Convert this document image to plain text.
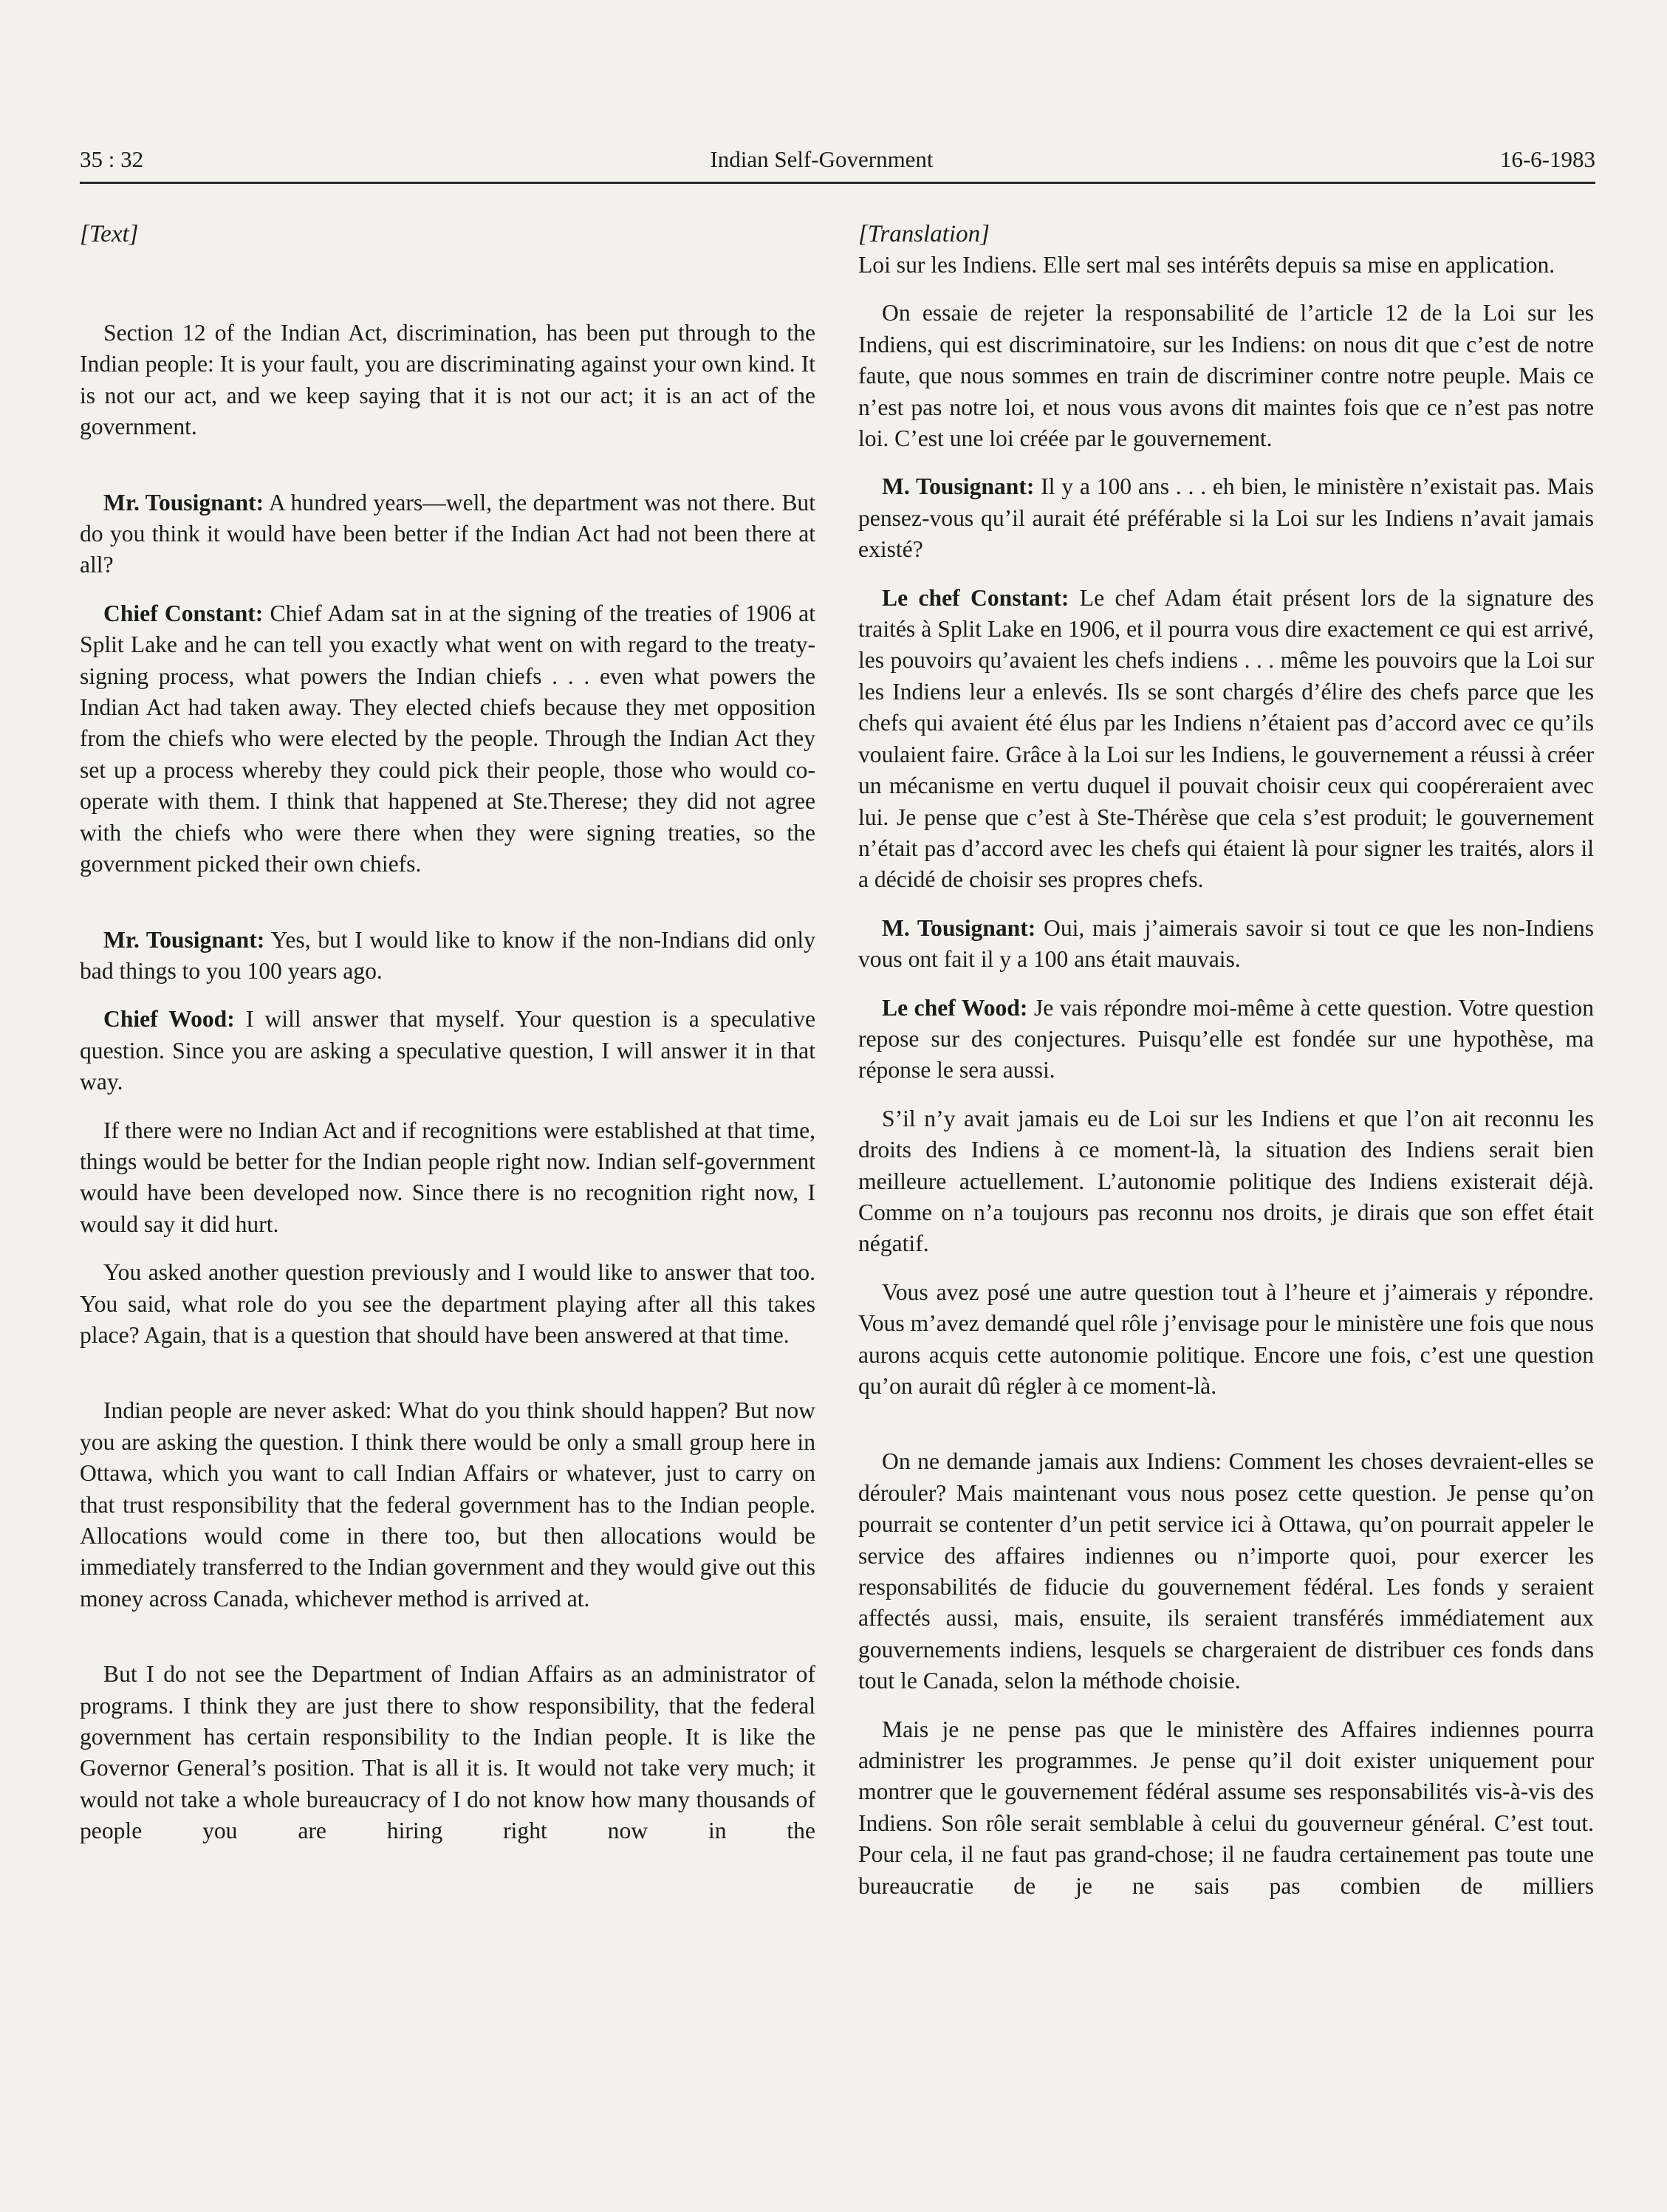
35 : 32	Indian Self-Government	16-6-1983
[Text]

Section 12 of the Indian Act, discrimination, has been put through to the Indian people: It is your fault, you are discriminating against your own kind. It is not our act, and we keep saying that it is not our act; it is an act of the government.

Mr. Tousignant: A hundred years—well, the department was not there. But do you think it would have been better if the Indian Act had not been there at all?

Chief Constant: Chief Adam sat in at the signing of the treaties of 1906 at Split Lake and he can tell you exactly what went on with regard to the treaty-signing process, what powers the Indian chiefs . . . even what powers the Indian Act had taken away. They elected chiefs because they met opposition from the chiefs who were elected by the people. Through the Indian Act they set up a process whereby they could pick their people, those who would co-operate with them. I think that happened at Ste.Therese; they did not agree with the chiefs who were there when they were signing treaties, so the government picked their own chiefs.

Mr. Tousignant: Yes, but I would like to know if the non-Indians did only bad things to you 100 years ago.

Chief Wood: I will answer that myself. Your question is a speculative question. Since you are asking a speculative question, I will answer it in that way.

If there were no Indian Act and if recognitions were established at that time, things would be better for the Indian people right now. Indian self-government would have been developed now. Since there is no recognition right now, I would say it did hurt.

You asked another question previously and I would like to answer that too. You said, what role do you see the department playing after all this takes place? Again, that is a question that should have been answered at that time.

Indian people are never asked: What do you think should happen? But now you are asking the question. I think there would be only a small group here in Ottawa, which you want to call Indian Affairs or whatever, just to carry on that trust responsibility that the federal government has to the Indian people. Allocations would come in there too, but then allocations would be immediately transferred to the Indian government and they would give out this money across Canada, whichever method is arrived at.

But I do not see the Department of Indian Affairs as an administrator of programs. I think they are just there to show responsibility, that the federal government has certain responsibility to the Indian people. It is like the Governor General’s position. That is all it is. It would not take very much; it would not take a whole bureaucracy of I do not know how many thousands of people you are hiring right now in the

[Translation]

Loi sur les Indiens. Elle sert mal ses intérêts depuis sa mise en application.

On essaie de rejeter la responsabilité de l’article 12 de la Loi sur les Indiens, qui est discriminatoire, sur les Indiens: on nous dit que c’est de notre faute, que nous sommes en train de discriminer contre notre peuple. Mais ce n’est pas notre loi, et nous vous avons dit maintes fois que ce n’est pas notre loi. C’est une loi créée par le gouvernement.

M. Tousignant: Il y a 100 ans . . . eh bien, le ministère n’existait pas. Mais pensez-vous qu’il aurait été préférable si la Loi sur les Indiens n’avait jamais existé?

Le chef Constant: Le chef Adam était présent lors de la signature des traités à Split Lake en 1906, et il pourra vous dire exactement ce qui est arrivé, les pouvoirs qu’avaient les chefs indiens . . . même les pouvoirs que la Loi sur les Indiens leur a enlevés. Ils se sont chargés d’élire des chefs parce que les chefs qui avaient été élus par les Indiens n’étaient pas d’accord avec ce qu’ils voulaient faire. Grâce à la Loi sur les Indiens, le gouvernement a réussi à créer un mécanisme en vertu duquel il pouvait choisir ceux qui coopéreraient avec lui. Je pense que c’est à Ste-Thérèse que cela s’est produit; le gouvernement n’était pas d’accord avec les chefs qui étaient là pour signer les traités, alors il a décidé de choisir ses propres chefs.

M. Tousignant: Oui, mais j’aimerais savoir si tout ce que les non-Indiens vous ont fait il y a 100 ans était mauvais.

Le chef Wood: Je vais répondre moi-même à cette question. Votre question repose sur des conjectures. Puisqu’elle est fondée sur une hypothèse, ma réponse le sera aussi.

S’il n’y avait jamais eu de Loi sur les Indiens et que l’on ait reconnu les droits des Indiens à ce moment-là, la situation des Indiens serait bien meilleure actuellement. L’autonomie politique des Indiens existerait déjà. Comme on n’a toujours pas reconnu nos droits, je dirais que son effet était négatif.

Vous avez posé une autre question tout à l’heure et j’aimerais y répondre. Vous m’avez demandé quel rôle j’envisage pour le ministère une fois que nous aurons acquis cette autonomie politique. Encore une fois, c’est une question qu’on aurait dû régler à ce moment-là.

On ne demande jamais aux Indiens: Comment les choses devraient-elles se dérouler? Mais maintenant vous nous posez cette question. Je pense qu’on pourrait se contenter d’un petit service ici à Ottawa, qu’on pourrait appeler le service des affaires indiennes ou n’importe quoi, pour exercer les responsabilités de fiducie du gouvernement fédéral. Les fonds y seraient affectés aussi, mais, ensuite, ils seraient transférés immédiatement aux gouvernements indiens, lesquels se chargeraient de distribuer ces fonds dans tout le Canada, selon la méthode choisie.

Mais je ne pense pas que le ministère des Affaires indiennes pourra administrer les programmes. Je pense qu’il doit exister uniquement pour montrer que le gouvernement fédéral assume ses responsabilités vis-à-vis des Indiens. Son rôle serait semblable à celui du gouverneur général. C’est tout. Pour cela, il ne faut pas grand-chose; il ne faudra certainement pas toute une bureaucratie de je ne sais pas combien de milliers
